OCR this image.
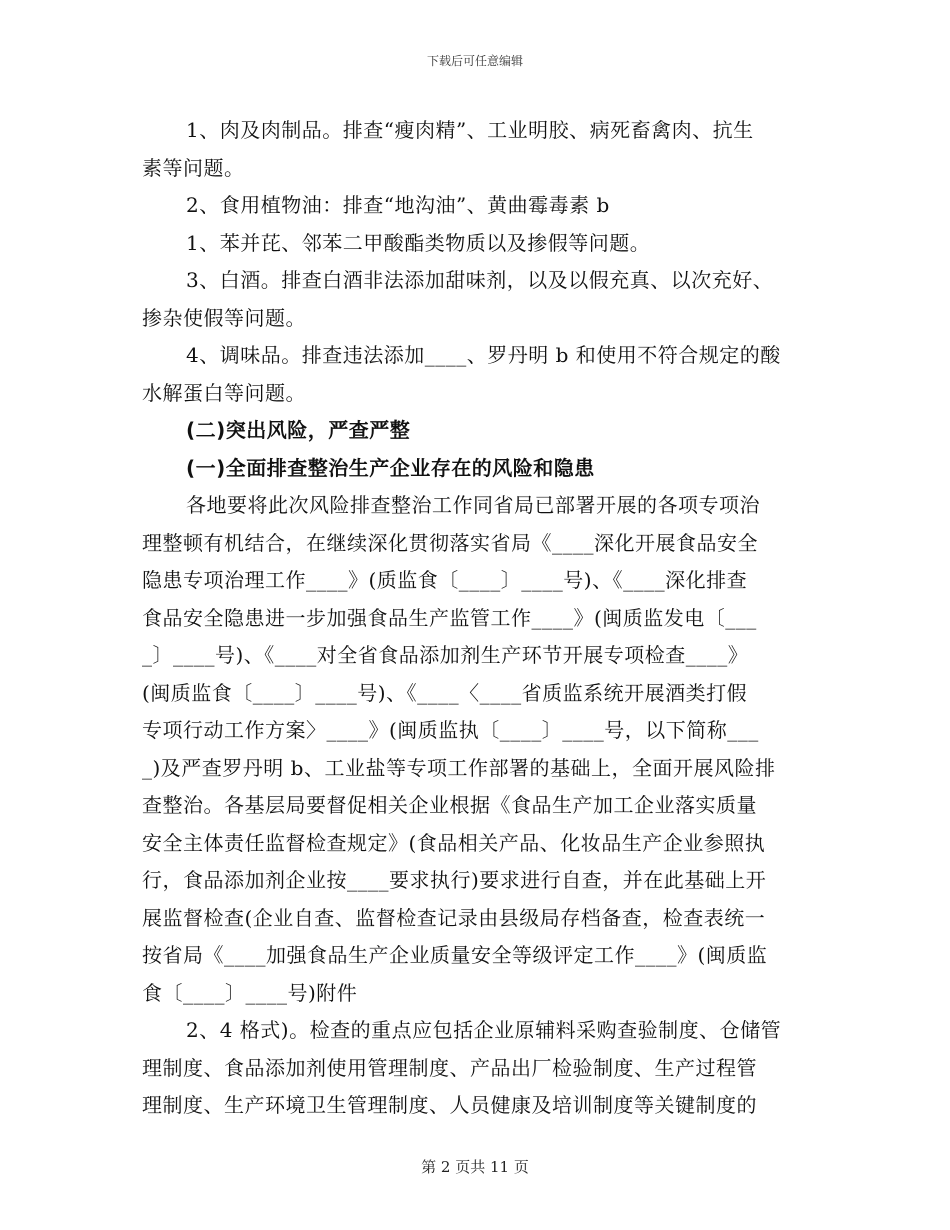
下载后可任意编辑
1、肉及肉制品。排查“瘦肉精”、工业明胶、病死畜禽肉、抗生
素等问题。
2、食用植物油：排查“地沟油”、黄曲霉毒素 b
1、苯并芘、邻苯二甲酸酯类物质以及掺假等问题。
3、白酒。排查白酒非法添加甜味剂，以及以假充真、以次充好、
掺杂使假等问题。
4、调味品。排查违法添加____、罗丹明 b 和使用不符合规定的酸
水解蛋白等问题。
(二)突出风险，严查严整
(一)全面排查整治生产企业存在的风险和隐患
各地要将此次风险排查整治工作同省局已部署开展的各项专项治
理整顿有机结合，在继续深化贯彻落实省局《____深化开展食品安全
隐患专项治理工作____》(质监食〔____〕____号)、《____深化排查
食品安全隐患进一步加强食品生产监管工作____》(闽质监发电〔___
_〕____号)、《____对全省食品添加剂生产环节开展专项检查____》
(闽质监食〔____〕____号)、《____〈____省质监系统开展酒类打假
专项行动工作方案〉____》(闽质监执〔____〕____号，以下简称___
_)及严查罗丹明 b、工业盐等专项工作部署的基础上，全面开展风险排
查整治。各基层局要督促相关企业根据《食品生产加工企业落实质量
安全主体责任监督检查规定》(食品相关产品、化妆品生产企业参照执
行，食品添加剂企业按____要求执行)要求进行自查，并在此基础上开
展监督检查(企业自查、监督检查记录由县级局存档备查，检查表统一
按省局《____加强食品生产企业质量安全等级评定工作____》(闽质监
食〔____〕____号)附件
2、4 格式)。检查的重点应包括企业原辅料采购查验制度、仓储管
理制度、食品添加剂使用管理制度、产品出厂检验制度、生产过程管
理制度、生产环境卫生管理制度、人员健康及培训制度等关键制度的
第 2 页共 11 页
